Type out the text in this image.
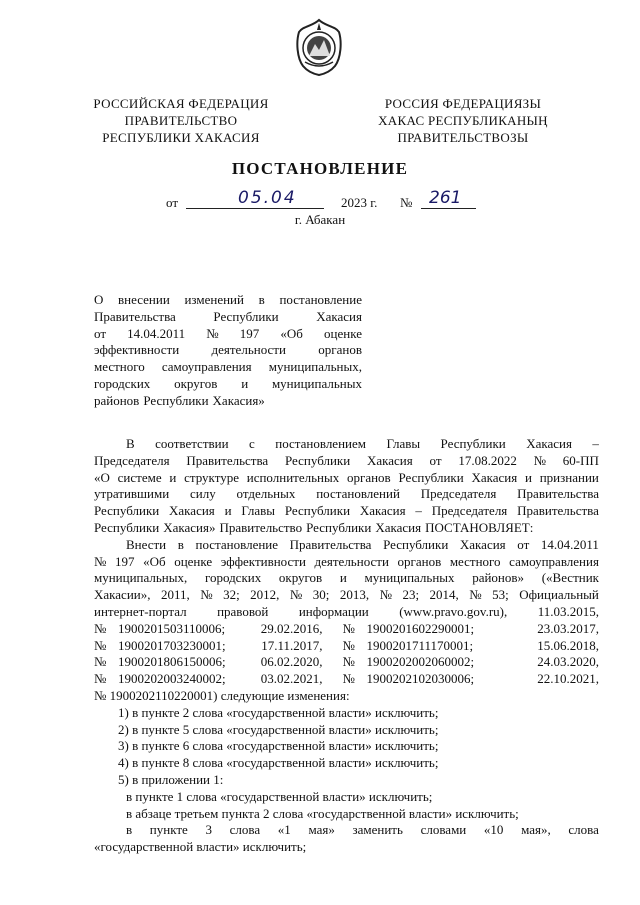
РОССИЙСКАЯ ФЕДЕРАЦИЯ
ПРАВИТЕЛЬСТВО
РЕСПУБЛИКИ ХАКАСИЯ
РОССИЯ ФЕДЕРАЦИЯЗЫ
ХАКАС РЕСПУБЛИКАНЫҢ
ПРАВИТЕЛЬСТВОЗЫ
ПОСТАНОВЛЕНИЕ
от	05.04	2023 г. № 261
г. Абакан
О внесении изменений в постановление
Правительства	Республики	Хакасия
от 14.04.2011 № 197 «Об оценке
эффективности деятельности органов
местного самоуправления муниципальных,
городских округов и муниципальных
районов Республики Хакасия»
В соответствии с постановлением Главы Республики Хакасия –
Председателя Правительства Республики Хакасия от 17.08.2022 № 60-ПП
«О системе и структуре исполнительных органов Республики Хакасия и признании
утратившими силу отдельных постановлений Председателя Правительства
Республики Хакасия и Главы Республики Хакасия – Председателя Правительства
Республики Хакасия» Правительство Республики Хакасия ПОСТАНОВЛЯЕТ:
Внести в постановление Правительства Республики Хакасия от 14.04.2011
№ 197 «Об оценке эффективности деятельности органов местного самоуправления
муниципальных, городских округов и муниципальных районов» («Вестник
Хакасии», 2011, № 32; 2012, № 30; 2013, № 23; 2014, № 53; Официальный
интернет-портал правовой информации (www.pravo.gov.ru), 11.03.2015,
№ 1900201503110006;	29.02.2016,	№ 1900201602290001;	23.03.2017,
№ 1900201703230001;	17.11.2017,	№ 1900201711170001;	15.06.2018,
№ 1900201806150006;	06.02.2020,	№ 1900202002060002;	24.03.2020,
№ 1900202003240002;	03.02.2021,	№ 1900202102030006;	22.10.2021,
№ 1900202110220001) следующие изменения:
1) в пункте 2 слова «государственной власти» исключить;
2) в пункте 5 слова «государственной власти» исключить;
3) в пункте 6 слова «государственной власти» исключить;
4) в пункте 8 слова «государственной власти» исключить;
5) в приложении 1:
в пункте 1 слова «государственной власти» исключить;
в абзаце третьем пункта 2 слова «государственной власти» исключить;
в пункте 3 слова «1 мая» заменить словами «10 мая», слова
«государственной власти» исключить;
